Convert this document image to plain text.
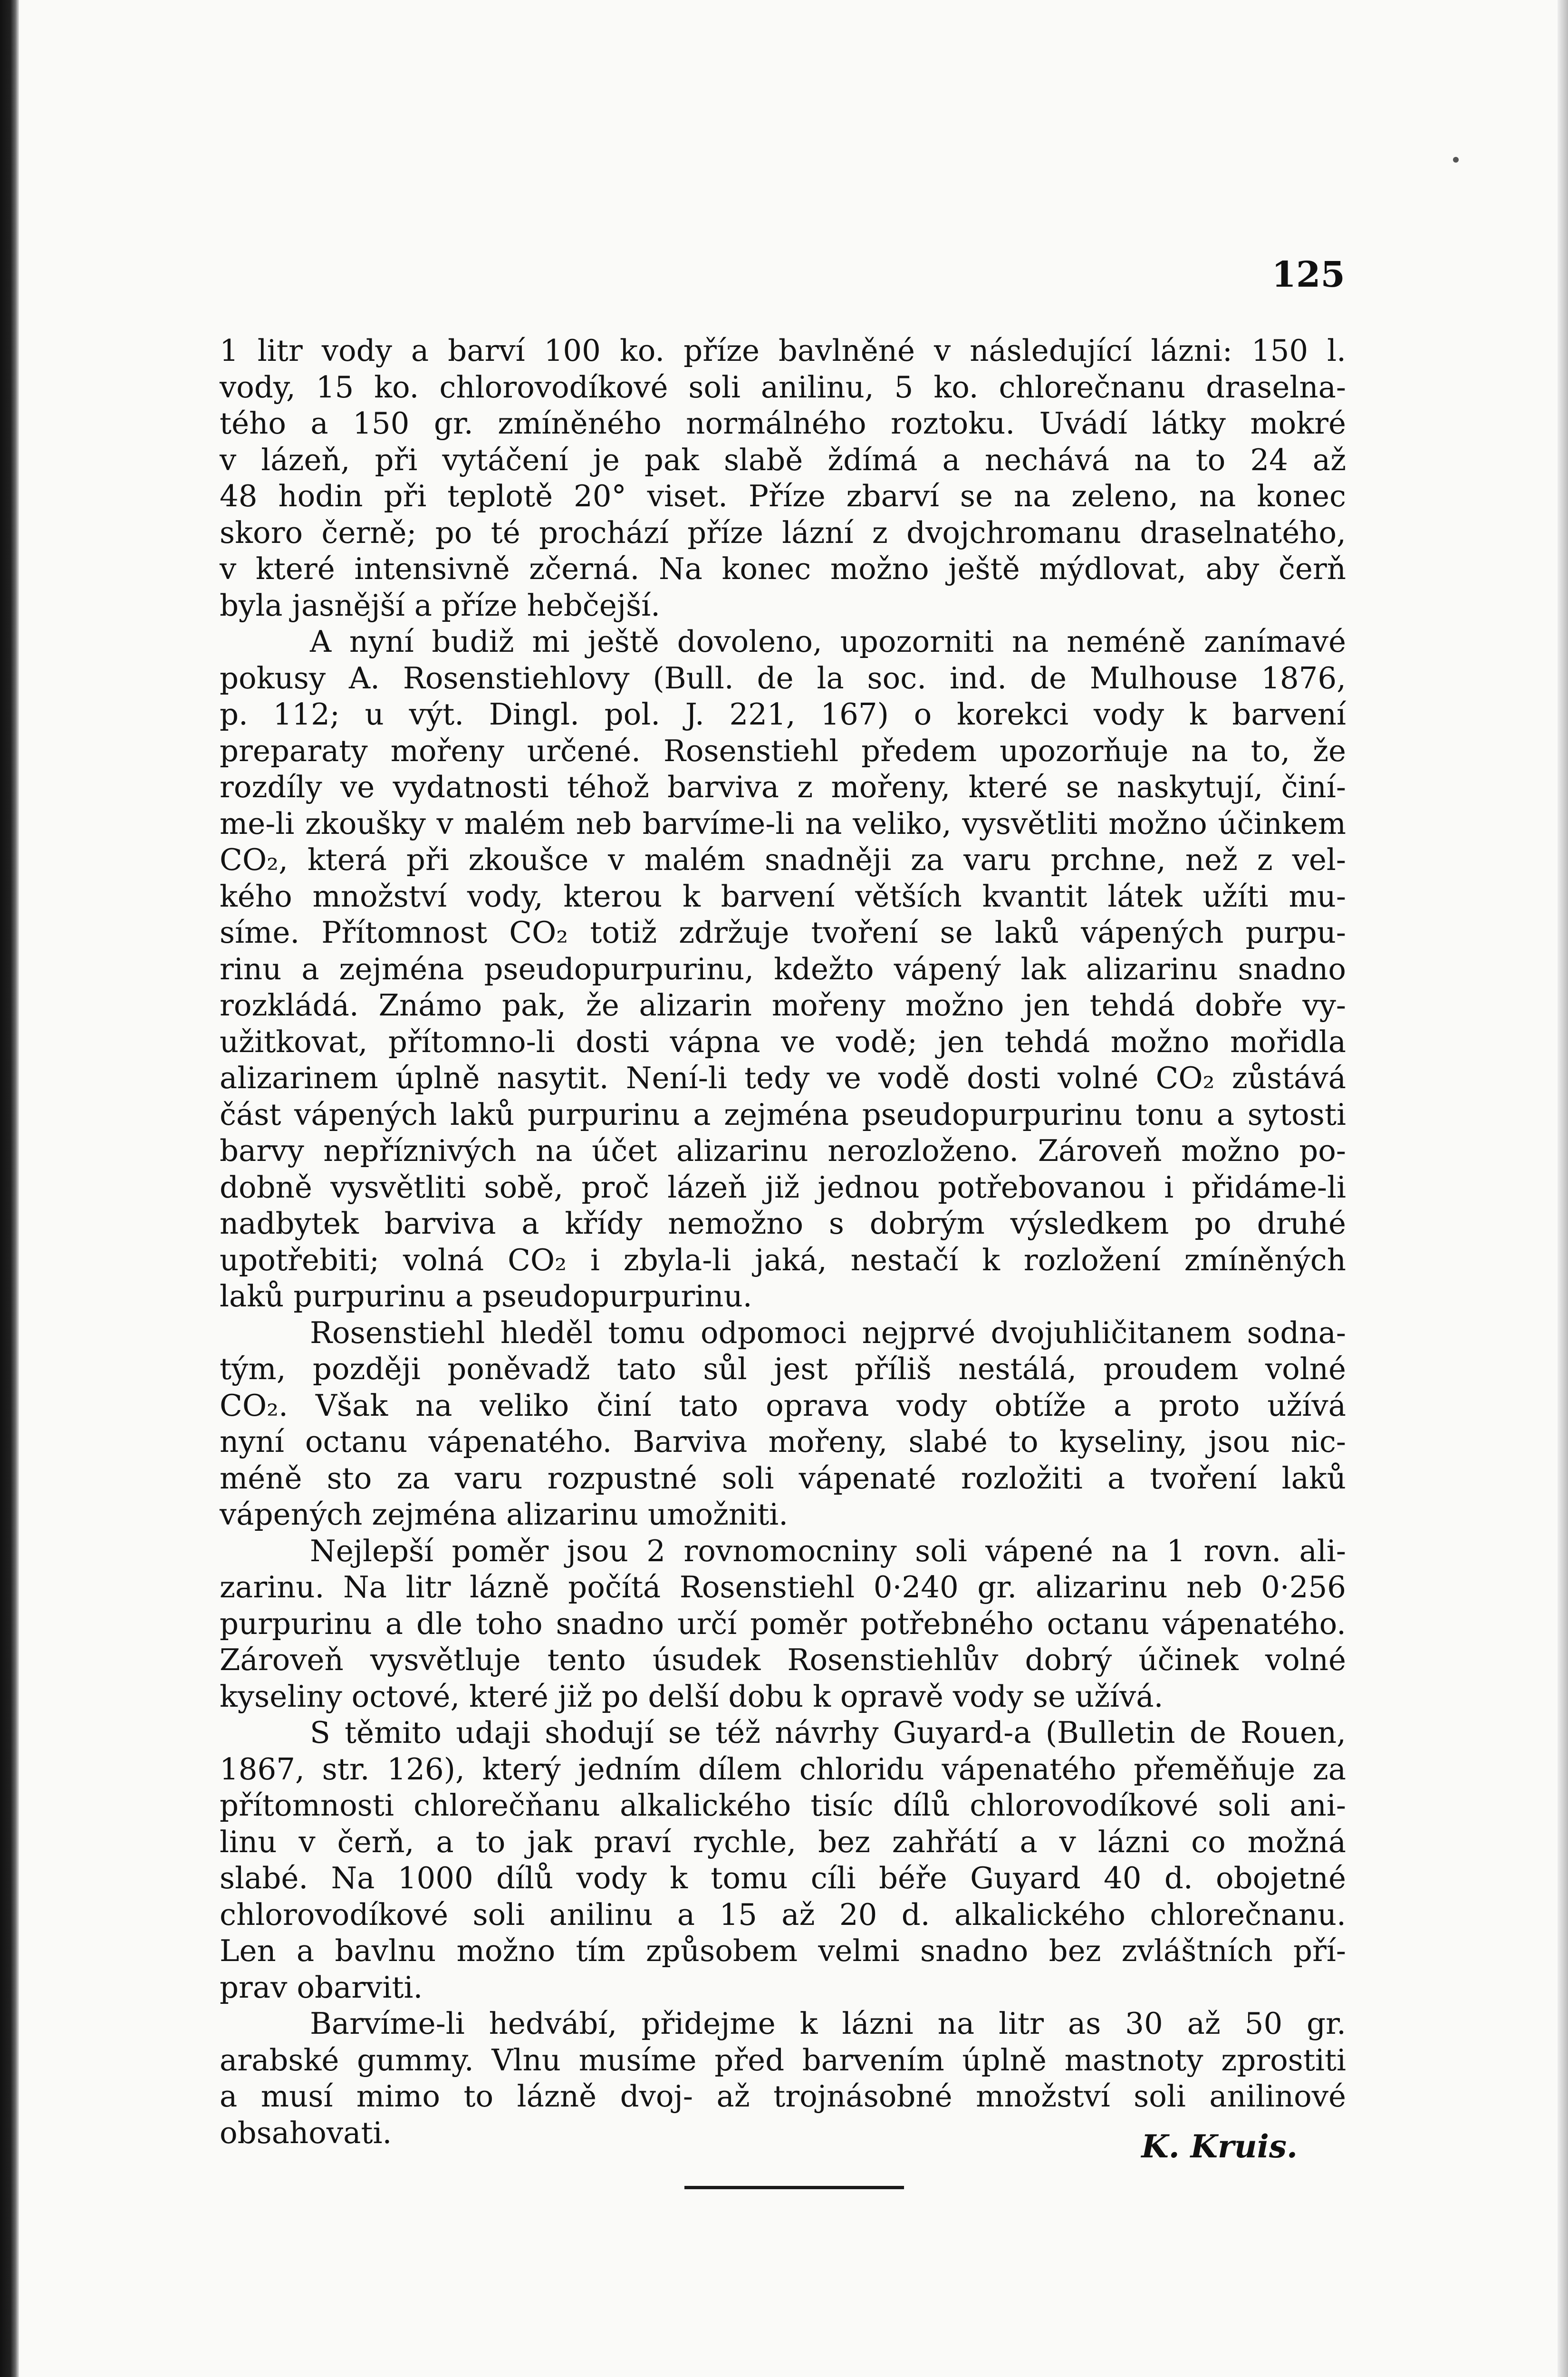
125
1 litr vody a barví 100 ko. příze bavlněné v následující lázni: 150 l.
vody, 15 ko. chlorovodíkové soli anilinu, 5 ko. chlorečnanu draselna-
tého a 150 gr. zmíněného normálného roztoku. Uvádí látky mokré
v lázeň, při vytáčení je pak slabě ždímá a nechává na to 24 až
48 hodin při teplotě 20° viset. Příze zbarví se na zeleno, na konec
skoro černě; po té prochází příze lázní z dvojchromanu draselnatého,
v které intensivně zčerná. Na konec možno ještě mýdlovat, aby čerň
byla jasnější a příze hebčejší.
A nyní budiž mi ještě dovoleno, upozorniti na neméně zanímavé
pokusy A. Rosenstiehlovy (Bull. de la soc. ind. de Mulhouse 1876,
p. 112; u výt. Dingl. pol. J. 221, 167) o korekci vody k barvení
preparaty mořeny určené. Rosenstiehl předem upozorňuje na to, že
rozdíly ve vydatnosti téhož barviva z mořeny, které se naskytují, činí-
me-li zkoušky v malém neb barvíme-li na veliko, vysvětliti možno účinkem
CO₂, která při zkoušce v malém snadněji za varu prchne, než z vel-
kého množství vody, kterou k barvení větších kvantit látek užíti mu-
síme. Přítomnost CO₂ totiž zdržuje tvoření se laků vápených purpu-
rinu a zejména pseudopurpurinu, kdežto vápený lak alizarinu snadno
rozkládá. Známo pak, že alizarin mořeny možno jen tehdá dobře vy-
užitkovat, přítomno-li dosti vápna ve vodě; jen tehdá možno mořidla
alizarinem úplně nasytit. Není-li tedy ve vodě dosti volné CO₂ zůstává
část vápených laků purpurinu a zejména pseudopurpurinu tonu a sytosti
barvy nepříznivých na účet alizarinu nerozloženo. Zároveň možno po-
dobně vysvětliti sobě, proč lázeň již jednou potřebovanou i přidáme-li
nadbytek barviva a křídy nemožno s dobrým výsledkem po druhé
upotřebiti; volná CO₂ i zbyla-li jaká, nestačí k rozložení zmíněných
laků purpurinu a pseudopurpurinu.
Rosenstiehl hleděl tomu odpomoci nejprvé dvojuhličitanem sodna-
tým, později poněvadž tato sůl jest příliš nestálá, proudem volné
CO₂. Však na veliko činí tato oprava vody obtíže a proto užívá
nyní octanu vápenatého. Barviva mořeny, slabé to kyseliny, jsou nic-
méně sto za varu rozpustné soli vápenaté rozložiti a tvoření laků
vápených zejména alizarinu umožniti.
Nejlepší poměr jsou 2 rovnomocniny soli vápené na 1 rovn. ali-
zarinu. Na litr lázně počítá Rosenstiehl 0·240 gr. alizarinu neb 0·256
purpurinu a dle toho snadno určí poměr potřebného octanu vápenatého.
Zároveň vysvětluje tento úsudek Rosenstiehlův dobrý účinek volné
kyseliny octové, které již po delší dobu k opravě vody se užívá.
S těmito udaji shodují se též návrhy Guyard-a (Bulletin de Rouen,
1867, str. 126), který jedním dílem chloridu vápenatého přeměňuje za
přítomnosti chlorečňanu alkalického tisíc dílů chlorovodíkové soli ani-
linu v čerň, a to jak praví rychle, bez zahřátí a v lázni co možná
slabé. Na 1000 dílů vody k tomu cíli béře Guyard 40 d. obojetné
chlorovodíkové soli anilinu a 15 až 20 d. alkalického chlorečnanu.
Len a bavlnu možno tím způsobem velmi snadno bez zvláštních pří-
prav obarviti.
Barvíme-li hedvábí, přidejme k lázni na litr as 30 až 50 gr.
arabské gummy. Vlnu musíme před barvením úplně mastnoty zprostiti
a musí mimo to lázně dvoj- až trojnásobné množství soli anilinové
obsahovati.	K. Kruis.
